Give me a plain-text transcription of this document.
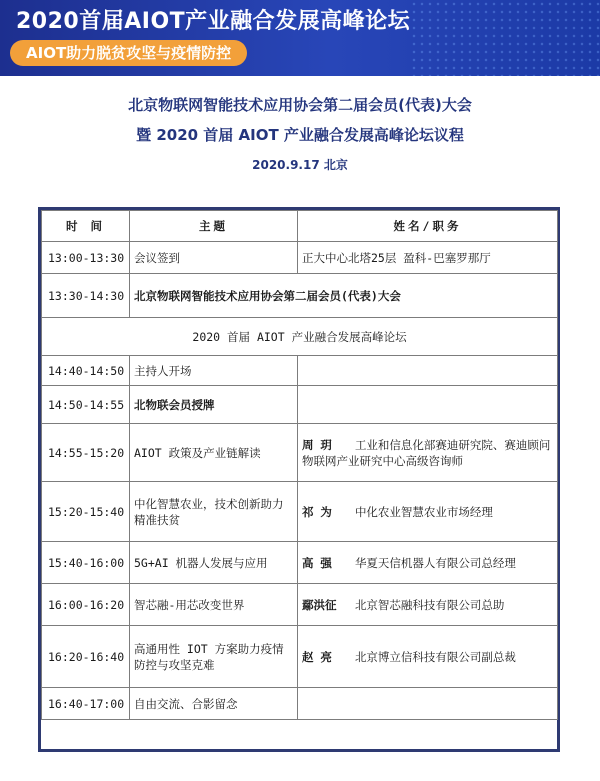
2020首届AIOT产业融合发展高峰论坛
AIOT助力脱贫攻坚与疫情防控
北京物联网智能技术应用协会第二届会员(代表)大会
暨 2020 首届 AIOT 产业融合发展高峰论坛议程
2020.9.17 北京
时 间	主题	姓名/职务
13:00-13:30	会议签到	正大中心北塔25层 盈科-巴塞罗那厅
13:30-14:30	北京物联网智能技术应用协会第二届会员(代表)大会	
2020 首届 AIOT 产业融合发展高峰论坛		
14:40-14:50	主持人开场	
14:50-14:55	北物联会员授牌	
14:55-15:20	AIOT 政策及产业链解读	周 玥 工业和信息化部赛迪研究院、赛迪顾问物联网产业研究中心高级咨询师
15:20-15:40	中化智慧农业，技术创新助力精准扶贫	祁 为 中化农业智慧农业市场经理
15:40-16:00	5G+AI 机器人发展与应用	高 强 华夏天信机器人有限公司总经理
16:00-16:20	智芯融-用芯改变世界	鄢洪征 北京智芯融科技有限公司总助
16:20-16:40	高通用性 IOT 方案助力疫情防控与攻坚克难	赵 亮 北京博立信科技有限公司副总裁
16:40-17:00	自由交流、合影留念	
